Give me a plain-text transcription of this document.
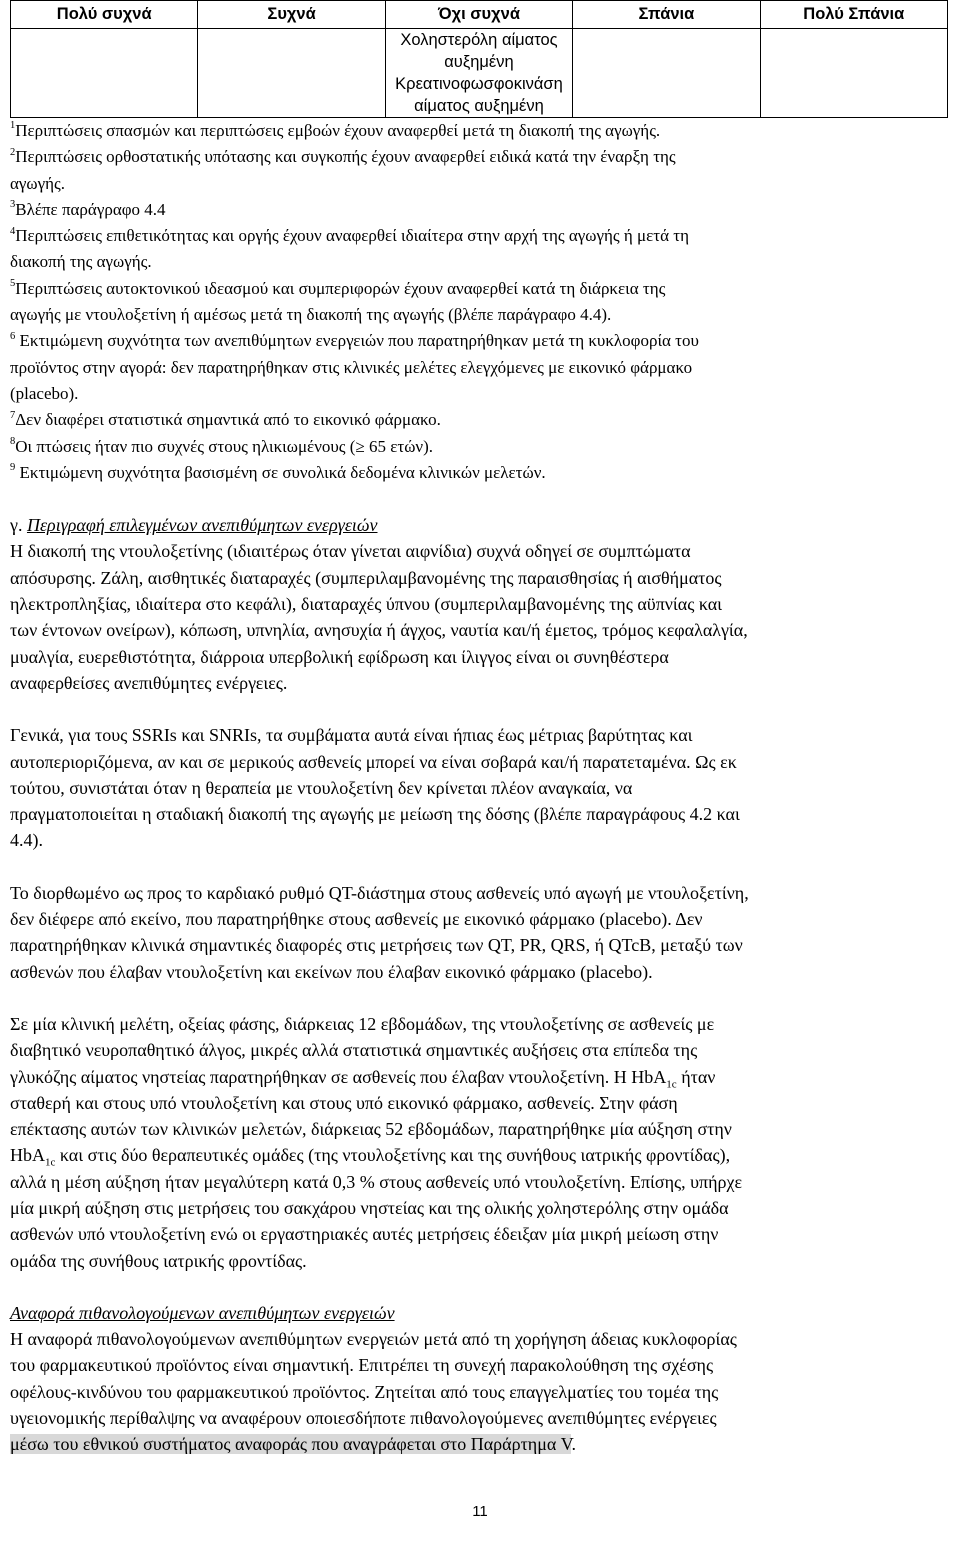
Πολύ συχνά	Συχνά	Όχι συχνά	Σπάνια	Πολύ Σπάνια

		Χοληστερόλη αίματος
αυξημένη
Κρεατινοφωσφοκινάση
αίματος αυξημένη		

$^1$Περιπτώσεις σπασμών και περιπτώσεις εμβοών έχουν αναφερθεί μετά τη διακοπή της αγωγής.

$^2$Περιπτώσεις ορθοστατικής υπότασης και συγκοπής έχουν αναφερθεί ειδικά κατά την έναρξη της

αγωγής.

$^3$Βλέπε παράγραφο 4.4

$^4$Περιπτώσεις επιθετικότητας και οργής έχουν αναφερθεί ιδιαίτερα στην αρχή της αγωγής ή μετά τη

διακοπή της αγωγής.

$^5$Περιπτώσεις αυτοκτονικού ιδεασμού και συμπεριφορών έχουν αναφερθεί κατά τη διάρκεια της

αγωγής με ντουλοξετίνη ή αμέσως μετά τη διακοπή της αγωγής (βλέπε παράγραφο 4.4).

$^6$ Εκτιμώμενη συχνότητα των ανεπιθύμητων ενεργειών που παρατηρήθηκαν μετά τη κυκλοφορία του

προϊόντος στην αγορά: δεν παρατηρήθηκαν στις κλινικές μελέτες ελεγχόμενες με εικονικό φάρμακο

(placebo).

$^7$Δεν διαφέρει στατιστικά σημαντικά από το εικονικό φάρμακο.

$^8$Οι πτώσεις ήταν πιο συχνές στους ηλικιωμένους (≥ 65 ετών).

$^9$ Εκτιμώμενη συχνότητα βασισμένη σε συνολικά δεδομένα κλινικών μελετών.

γ. Περιγραφή επιλεγμένων ανεπιθύμητων ενεργειών

Η διακοπή της ντουλοξετίνης (ιδιαιτέρως όταν γίνεται αιφνίδια) συχνά οδηγεί σε συμπτώματα

απόσυρσης. Ζάλη, αισθητικές διαταραχές (συμπεριλαμβανομένης της παραισθησίας ή αισθήματος

ηλεκτροπληξίας, ιδιαίτερα στο κεφάλι), διαταραχές ύπνου (συμπεριλαμβανομένης της αϋπνίας και

των έντονων ονείρων), κόπωση, υπνηλία, ανησυχία ή άγχος, ναυτία και/ή έμετος, τρόμος κεφαλαλγία,

μυαλγία, ευερεθιστότητα, διάρροια υπερβολική εφίδρωση και ίλιγγος είναι οι συνηθέστερα

αναφερθείσες ανεπιθύμητες ενέργειες.

Γενικά, για τους SSRIs και SNRIs, τα συμβάματα αυτά είναι ήπιας έως μέτριας βαρύτητας και

αυτοπεριοριζόμενα, αν και σε μερικούς ασθενείς μπορεί να είναι σοβαρά και/ή παρατεταμένα. Ως εκ

τούτου, συνιστάται όταν η θεραπεία με ντουλοξετίνη δεν κρίνεται πλέον αναγκαία, να

πραγματοποιείται η σταδιακή διακοπή της αγωγής με μείωση της δόσης (βλέπε παραγράφους 4.2 και

4.4).

Το διορθωμένο ως προς το καρδιακό ρυθμό QT-διάστημα στους ασθενείς υπό αγωγή με ντουλοξετίνη,

δεν διέφερε από εκείνο, που παρατηρήθηκε στους ασθενείς με εικονικό φάρμακο (placebo). Δεν

παρατηρήθηκαν κλινικά σημαντικές διαφορές στις μετρήσεις των QT, PR, QRS, ή QTcB, μεταξύ των

ασθενών που έλαβαν ντουλοξετίνη και εκείνων που έλαβαν εικονικό φάρμακο (placebo).

Σε μία κλινική μελέτη, οξείας φάσης, διάρκειας 12 εβδομάδων, της ντουλοξετίνης σε ασθενείς με

διαβητικό νευροπαθητικό άλγος, μικρές αλλά στατιστικά σημαντικές αυξήσεις στα επίπεδα της

γλυκόζης αίματος νηστείας παρατηρήθηκαν σε ασθενείς που έλαβαν ντουλοξετίνη. Η HbA$_{1c}$ ήταν

σταθερή και στους υπό ντουλοξετίνη και στους υπό εικονικό φάρμακο, ασθενείς. Στην φάση

επέκτασης αυτών των κλινικών μελετών, διάρκειας 52 εβδομάδων, παρατηρήθηκε μία αύξηση στην

HbA$_{1c}$ και στις δύο θεραπευτικές ομάδες (της ντουλοξετίνης και της συνήθους ιατρικής φροντίδας),

αλλά η μέση αύξηση ήταν μεγαλύτερη κατά 0,3 % στους ασθενείς υπό ντουλοξετίνη. Επίσης, υπήρχε

μία μικρή αύξηση στις μετρήσεις του σακχάρου νηστείας και της ολικής χοληστερόλης στην ομάδα

ασθενών υπό ντουλοξετίνη ενώ οι εργαστηριακές αυτές μετρήσεις έδειξαν μία μικρή μείωση στην

ομάδα της συνήθους ιατρικής φροντίδας.

Αναφορά πιθανολογούμενων ανεπιθύμητων ενεργειών

Η αναφορά πιθανολογούμενων ανεπιθύμητων ενεργειών μετά από τη χορήγηση άδειας κυκλοφορίας

του φαρμακευτικού προϊόντος είναι σημαντική. Επιτρέπει τη συνεχή παρακολούθηση της σχέσης

οφέλους-κινδύνου του φαρμακευτικού προϊόντος. Ζητείται από τους επαγγελματίες του τομέα της

υγειονομικής περίθαλψης να αναφέρουν οποιεσδήποτε πιθανολογούμενες ανεπιθύμητες ενέργειες

μέσω του εθνικού συστήματος αναφοράς που αναγράφεται στο Παράρτημα V.

11
